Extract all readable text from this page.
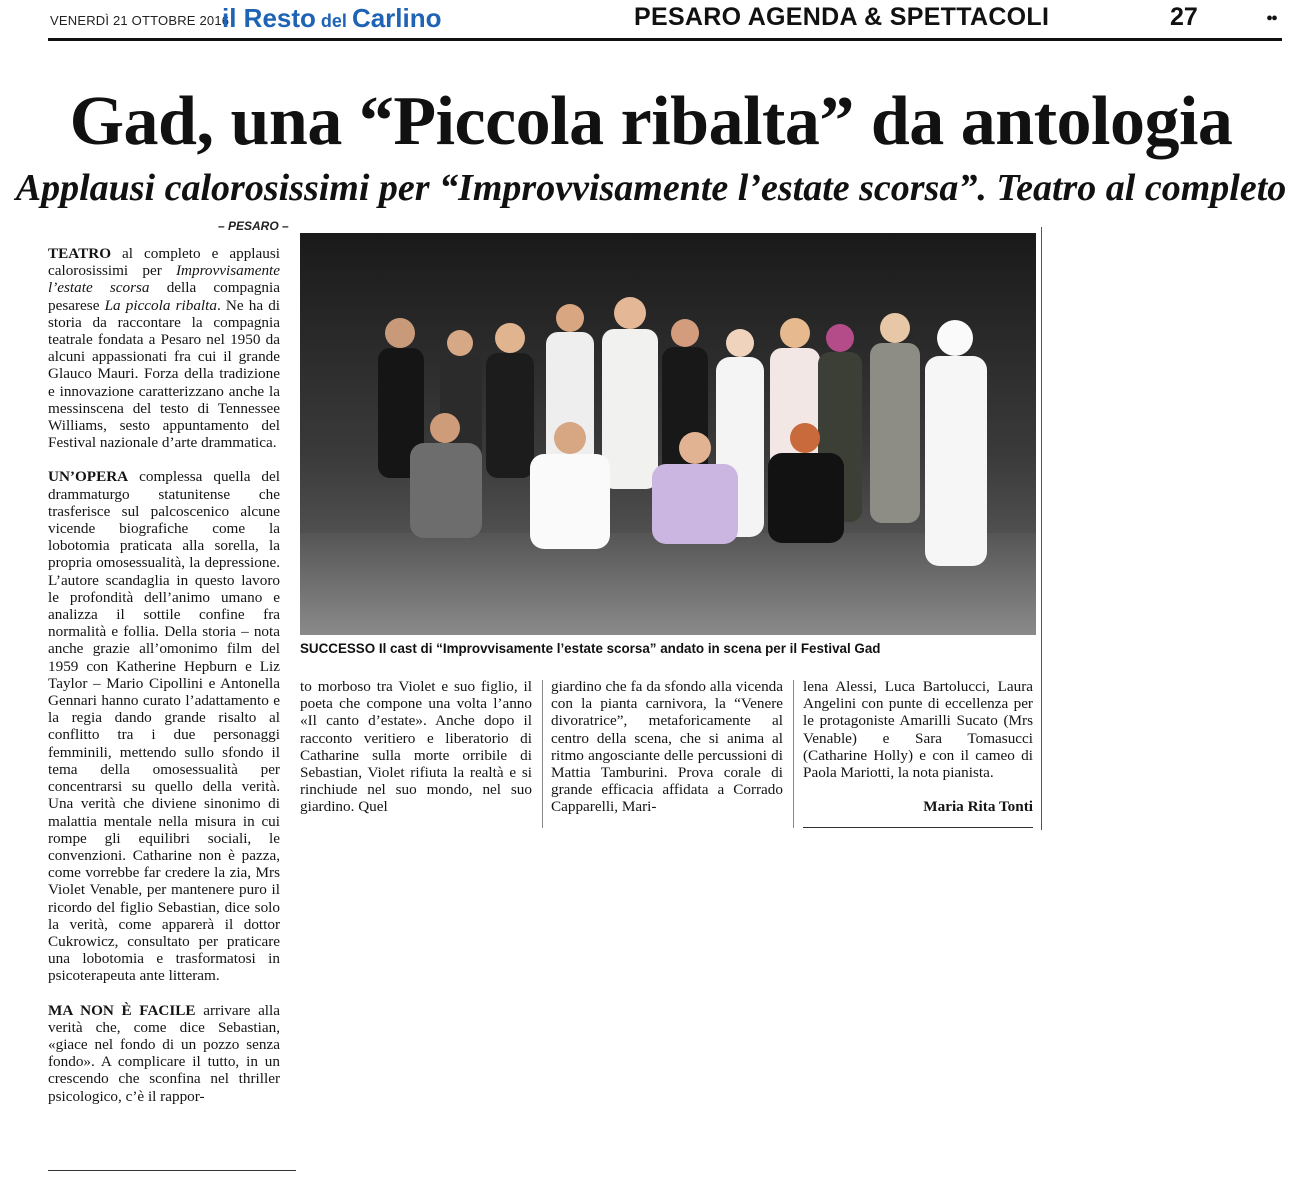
VENERDÌ 21 OTTOBRE 2016
il Resto del Carlino	PESARO AGENDA & SPETTACOLI	27	••
Gad, una “Piccola ribalta” da antologia
Applausi calorosissimi per “Improvvisamente l’estate scorsa”. Teatro al completo
– PESARO –

TEATRO al completo e applausi calorosissimi per Improvvisamente l’estate scorsa della compagnia pesarese La piccola ribalta. Ne ha di storia da raccontare la compagnia teatrale fondata a Pesaro nel 1950 da alcuni appassionati fra cui il grande Glauco Mauri. Forza della tradizione e innovazione caratterizzano anche la messinscena del testo di Tennessee Williams, sesto appuntamento del Festival nazionale d’arte drammatica.

UN’OPERA complessa quella del drammaturgo statunitense che trasferisce sul palcoscenico alcune vicende biografiche come la lobotomia praticata alla sorella, la propria omosessualità, la depressione. L’autore scandaglia in questo lavoro le profondità dell’animo umano e analizza il sottile confine fra normalità e follia. Della storia – nota anche grazie all’omonimo film del 1959 con Katherine Hepburn e Liz Taylor – Mario Cipollini e Antonella Gennari hanno curato l’adattamento e la regia dando grande risalto al conflitto tra i due personaggi femminili, mettendo sullo sfondo il tema della omosessualità per concentrarsi su quello della verità. Una verità che diviene sinonimo di malattia mentale nella misura in cui rompe gli equilibri sociali, le convenzioni. Catharine non è pazza, come vorrebbe far credere la zia, Mrs Violet Venable, per mantenere puro il ricordo del figlio Sebastian, dice solo la verità, come apparerà il dottor Cukrowicz, consultato per praticare una lobotomia e trasformatosi in psicoterapeuta ante litteram.

MA NON È FACILE arrivare alla verità che, come dice Sebastian, «giace nel fondo di un pozzo senza fondo». A complicare il tutto, in un crescendo che sconfina nel thriller psicologico, c’è il rappor-

SUCCESSO Il cast di “Improvvisamente l’estate scorsa” andato in scena per il Festival Gad

to morboso tra Violet e suo figlio, il poeta che compone una volta l’anno «Il canto d’estate». Anche dopo il racconto veritiero e liberatorio di Catharine sulla morte orribile di Sebastian, Violet rifiuta la realtà e si rinchiude nel suo mondo, nel suo giardino. Quel

giardino che fa da sfondo alla vicenda con la pianta carnivora, la “Venere divoratrice”, metaforicamente al centro della scena, che si anima al ritmo angosciante delle percussioni di Mattia Tamburini. Prova corale di grande efficacia affidata a Corrado Capparelli, Mari-

lena Alessi, Luca Bartolucci, Laura Angelini con punte di eccellenza per le protagoniste Amarilli Sucato (Mrs Venable) e Sara Tomasucci (Catharine Holly) e con il cameo di Paola Mariotti, la nota pianista.

Maria Rita Tonti
